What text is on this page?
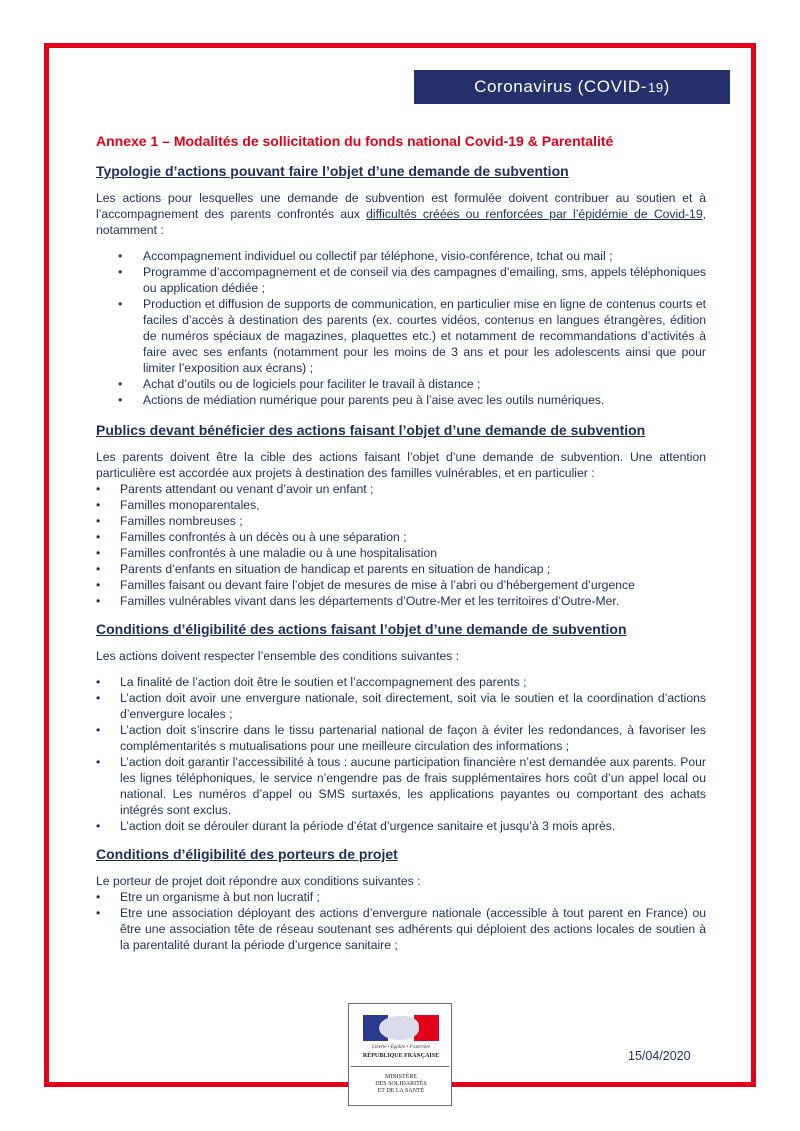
Coronavirus (COVID- 19 )
Annexe 1 – Modalités de sollicitation du fonds national Covid-19 & Parentalité
Typologie d’actions pouvant faire l’objet d’une demande de subvention

Les actions pour lesquelles une demande de subvention est formulée doivent contribuer au soutien et à l’accompagnement des parents confrontés aux difficultés créées ou renforcées par l’épidémie de Covid-19, notamment :

• Accompagnement individuel ou collectif par téléphone, visio-conférence, tchat ou mail ;
• Programme d’accompagnement et de conseil via des campagnes d’emailing, sms, appels téléphoniques ou application dédiée ;
• Production et diffusion de supports de communication, en particulier mise en ligne de contenus courts et faciles d’accès à destination des parents (ex. courtes vidéos, contenus en langues étrangères, édition de numéros spéciaux de magazines, plaquettes etc.) et notamment de recommandations d’activités à faire avec ses enfants (notamment pour les moins de 3 ans et pour les adolescents ainsi que pour limiter l’exposition aux écrans) ;
• Achat d’outils ou de logiciels pour faciliter le travail à distance ;
• Actions de médiation numérique pour parents peu à l’aise avec les outils numériques.
Publics devant bénéficier des actions faisant l’objet d’une demande de subvention

Les parents doivent être la cible des actions faisant l’objet d’une demande de subvention. Une attention particulière est accordée aux projets à destination des familles vulnérables, et en particulier :

• Parents attendant ou venant d’avoir un enfant ;
• Familles monoparentales,
• Familles nombreuses ;
• Familles confrontés à un décès ou à une séparation ;
• Familles confrontés à une maladie ou à une hospitalisation
• Parents d’enfants en situation de handicap et parents en situation de handicap ;
• Familles faisant ou devant faire l’objet de mesures de mise à l’abri ou d’hébergement d’urgence
• Familles vulnérables vivant dans les départements d’Outre-Mer et les territoires d’Outre-Mer.
Conditions d’éligibilité des actions faisant l’objet d’une demande de subvention

Les actions doivent respecter l’ensemble des conditions suivantes :

• La finalité de l’action doit être le soutien et l’accompagnement des parents ;
• L’action doit avoir une envergure nationale, soit directement, soit via le soutien et la coordination d’actions d’envergure locales ;
• L’action doit s’inscrire dans le tissu partenarial national de façon à éviter les redondances, à favoriser les complémentarités s mutualisations pour une meilleure circulation des informations ;
• L’action doit garantir l’accessibilité à tous : aucune participation financière n’est demandée aux parents. Pour les lignes téléphoniques, le service n’engendre pas de frais supplémentaires hors coût d’un appel local ou national. Les numéros d’appel ou SMS surtaxés, les applications payantes ou comportant des achats intégrés sont exclus.
• L’action doit se dérouler durant la période d’état d’urgence sanitaire et jusqu’à 3 mois après.
Conditions d’éligibilité des porteurs de projet

Le porteur de projet doit répondre aux conditions suivantes :

• Etre un organisme à but non lucratif ;
• Etre une association déployant des actions d’envergure nationale (accessible à tout parent en France) ou être une association tête de réseau soutenant ses adhérents qui déploient des actions locales de soutien à la parentalité durant la période d’urgence sanitaire ;
Liberté • Égalité • Fraternité
RÉPUBLIQUE FRANÇAISE
MINISTÈRE
DES SOLIDARITÉS
ET DE LA SANTÉ
15/04/2020
